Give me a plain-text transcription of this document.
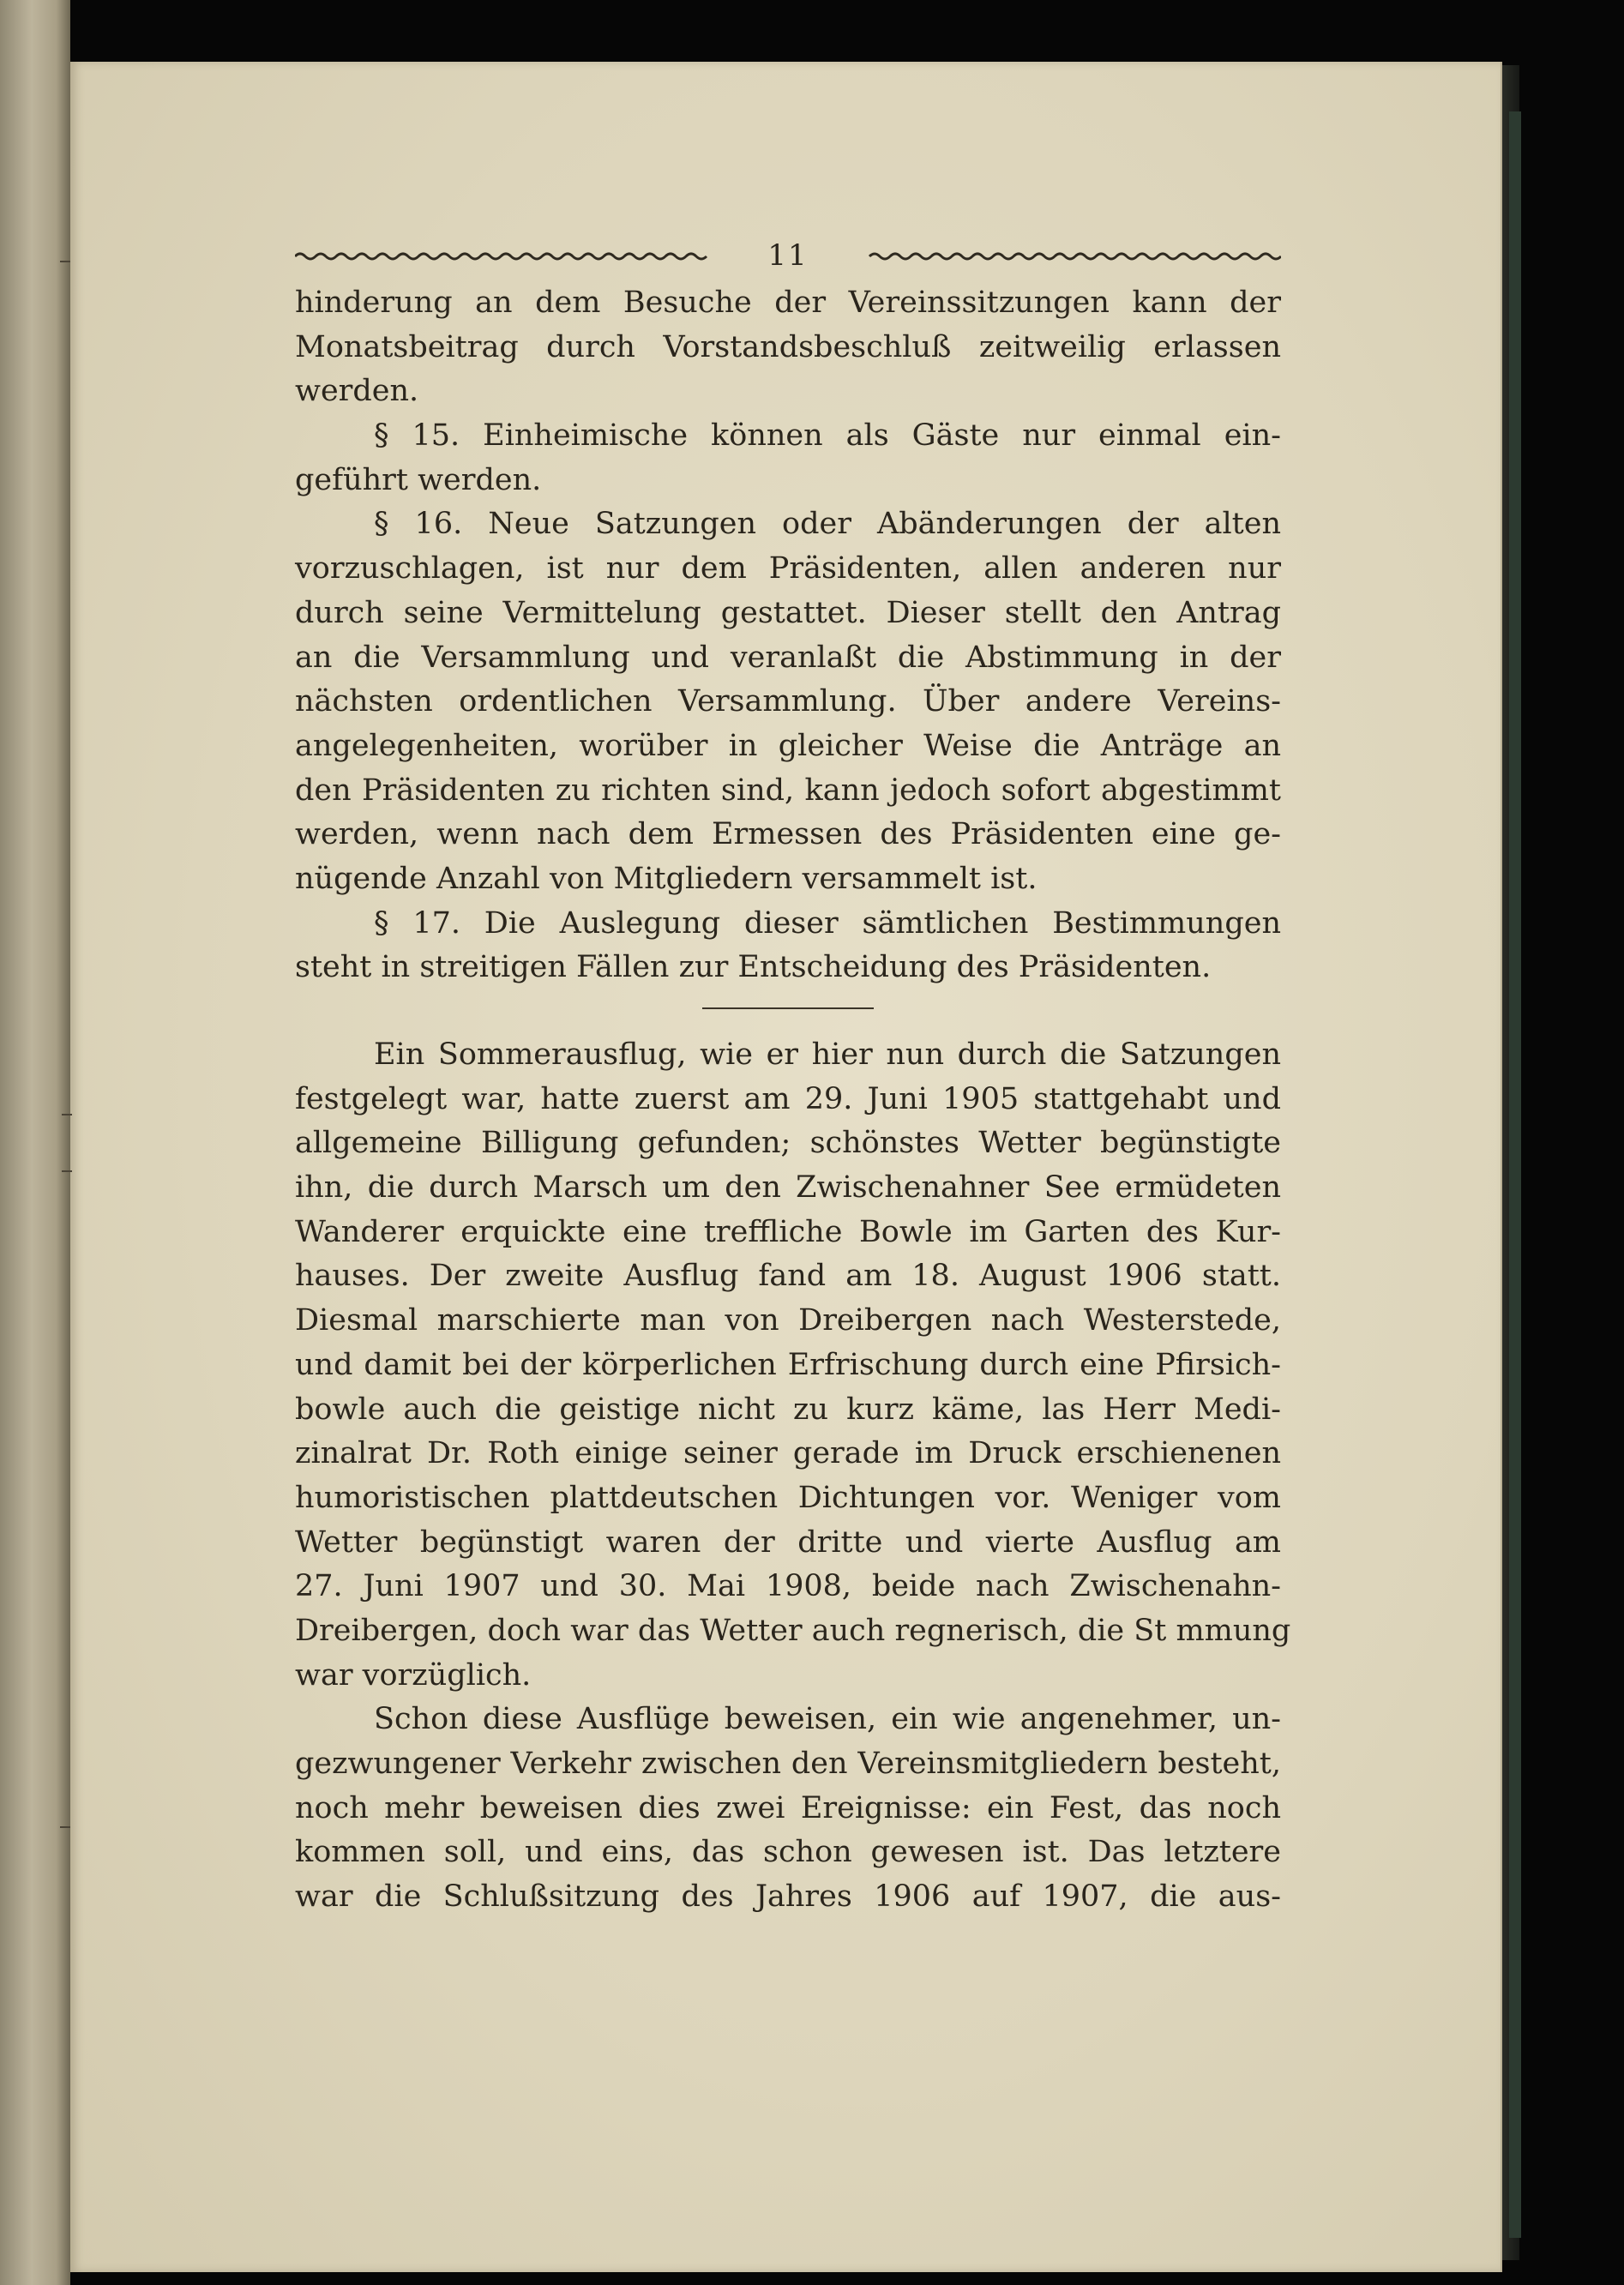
11
hinderung an dem Besuche der Vereinssitzungen kann der
Monatsbeitrag durch Vorstandsbeschluß zeitweilig erlassen
werden.
§ 15. Einheimische können als Gäste nur einmal ein-
geführt werden.
§ 16. Neue Satzungen oder Abänderungen der alten
vorzuschlagen, ist nur dem Präsidenten, allen anderen nur
durch seine Vermittelung gestattet. Dieser stellt den Antrag
an die Versammlung und veranlaßt die Abstimmung in der
nächsten ordentlichen Versammlung. Über andere Vereins-
angelegenheiten, worüber in gleicher Weise die Anträge an
den Präsidenten zu richten sind, kann jedoch sofort abgestimmt
werden, wenn nach dem Ermessen des Präsidenten eine ge-
nügende Anzahl von Mitgliedern versammelt ist.
§ 17. Die Auslegung dieser sämtlichen Bestimmungen
steht in streitigen Fällen zur Entscheidung des Präsidenten.
Ein Sommerausflug, wie er hier nun durch die Satzungen
festgelegt war, hatte zuerst am 29. Juni 1905 stattgehabt und
allgemeine Billigung gefunden; schönstes Wetter begünstigte
ihn, die durch Marsch um den Zwischenahner See ermüdeten
Wanderer erquickte eine treffliche Bowle im Garten des Kur-
hauses. Der zweite Ausflug fand am 18. August 1906 statt.
Diesmal marschierte man von Dreibergen nach Westerstede,
und damit bei der körperlichen Erfrischung durch eine Pfirsich-
bowle auch die geistige nicht zu kurz käme, las Herr Medi-
zinalrat Dr. Roth einige seiner gerade im Druck erschienenen
humoristischen plattdeutschen Dichtungen vor. Weniger vom
Wetter begünstigt waren der dritte und vierte Ausflug am
27. Juni 1907 und 30. Mai 1908, beide nach Zwischenahn-
Dreibergen, doch war das Wetter auch regnerisch, die St mmung
war vorzüglich.
Schon diese Ausflüge beweisen, ein wie angenehmer, un-
gezwungener Verkehr zwischen den Vereinsmitgliedern besteht,
noch mehr beweisen dies zwei Ereignisse: ein Fest, das noch
kommen soll, und eins, das schon gewesen ist. Das letztere
war die Schlußsitzung des Jahres 1906 auf 1907, die aus-
